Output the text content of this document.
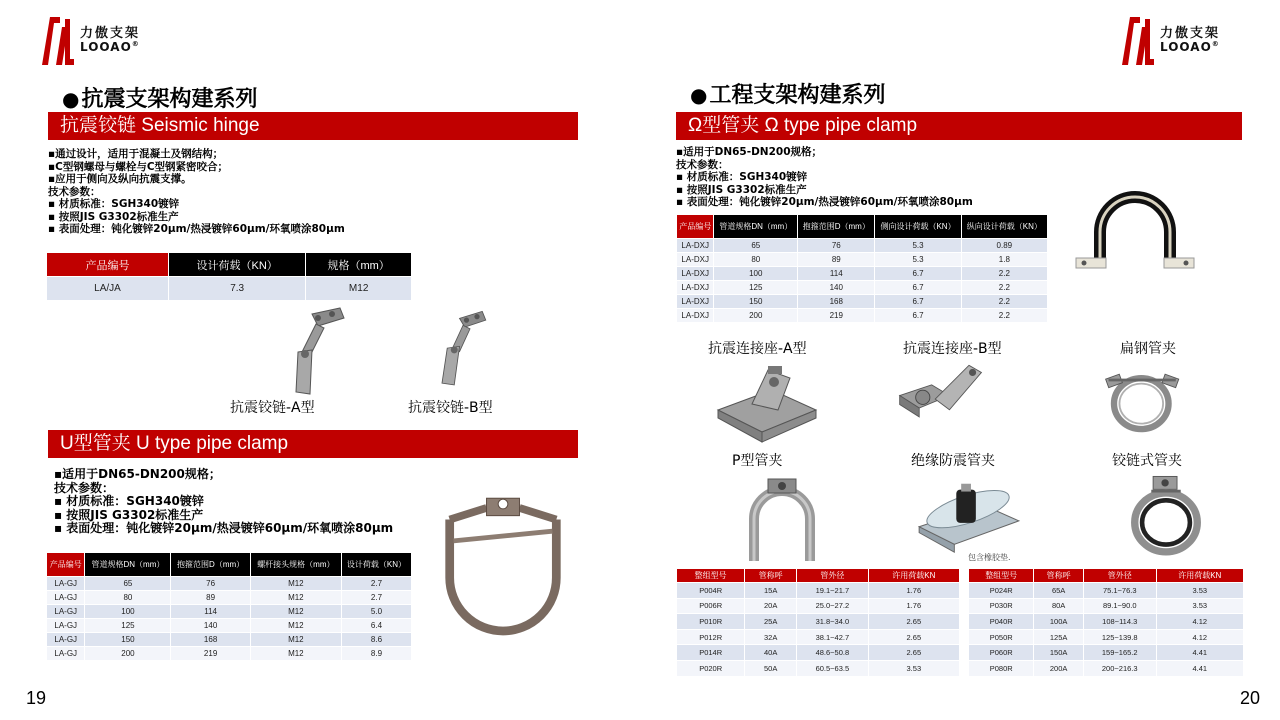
力傲支架
LOOAO®
力傲支架
LOOAO®
●抗震支架构建系列
抗震铰链 Seismic hinge
▪通过设计，适用于混凝土及钢结构；
▪C型钢螺母与螺栓与C型钢紧密咬合；
▪应用于侧向及纵向抗震支撑。
技术参数：
▪ 材质标准：SGH340镀锌
▪ 按照JIS G3302标准生产
▪ 表面处理：钝化镀锌20μm/热浸镀锌60μm/环氧喷涂80μm
产品编号	设计荷载（KN）	规格（mm）
LA/JA	7.3	M12
抗震铰链-A型	抗震铰链-B型
U型管夹 U type pipe clamp
▪适用于DN65-DN200规格；
技术参数：
▪ 材质标准：SGH340镀锌
▪ 按照JIS G3302标准生产
▪ 表面处理：钝化镀锌20μm/热浸镀锌60μm/环氧喷涂80μm
产品编号	管道规格DN（mm）	抱箍范围D（mm）	螺杆接头规格（mm）	设计荷载（KN）
LA-GJ	65	76	M12	2.7
LA-GJ	80	89	M12	2.7
LA-GJ	100	114	M12	5.0
LA-GJ	125	140	M12	6.4
LA-GJ	150	168	M12	8.6
LA-GJ	200	219	M12	8.9
19
●工程支架构建系列
Ω型管夹 Ω type pipe clamp
▪适用于DN65-DN200规格；
技术参数：
▪ 材质标准：SGH340镀锌
▪ 按照JIS G3302标准生产
▪ 表面处理：钝化镀锌20μm/热浸镀锌60μm/环氧喷涂80μm
产品编号	管道规格DN（mm）	抱箍范围D（mm）	侧向设计荷载（KN）	纵向设计荷载（KN）
LA-DXJ	65	76	5.3	0.89
LA-DXJ	80	89	5.3	1.8
LA-DXJ	100	114	6.7	2.2
LA-DXJ	125	140	6.7	2.2
LA-DXJ	150	168	6.7	2.2
LA-DXJ	200	219	6.7	2.2
抗震连接座-A型	抗震连接座-B型	扁钢管夹
P型管夹	绝缘防震管夹	铰链式管夹
包含橡胶垫.
整组型号	管称呼	管外径	许用荷载KN
P004R	15A	19.1~21.7	1.76
P006R	20A	25.0~27.2	1.76
P010R	25A	31.8~34.0	2.65
P012R	32A	38.1~42.7	2.65
P014R	40A	48.6~50.8	2.65
P020R	50A	60.5~63.5	3.53
整组型号	管称呼	管外径	许用荷载KN
P024R	65A	75.1~76.3	3.53
P030R	80A	89.1~90.0	3.53
P040R	100A	108~114.3	4.12
P050R	125A	125~139.8	4.12
P060R	150A	159~165.2	4.41
P080R	200A	200~216.3	4.41
20
